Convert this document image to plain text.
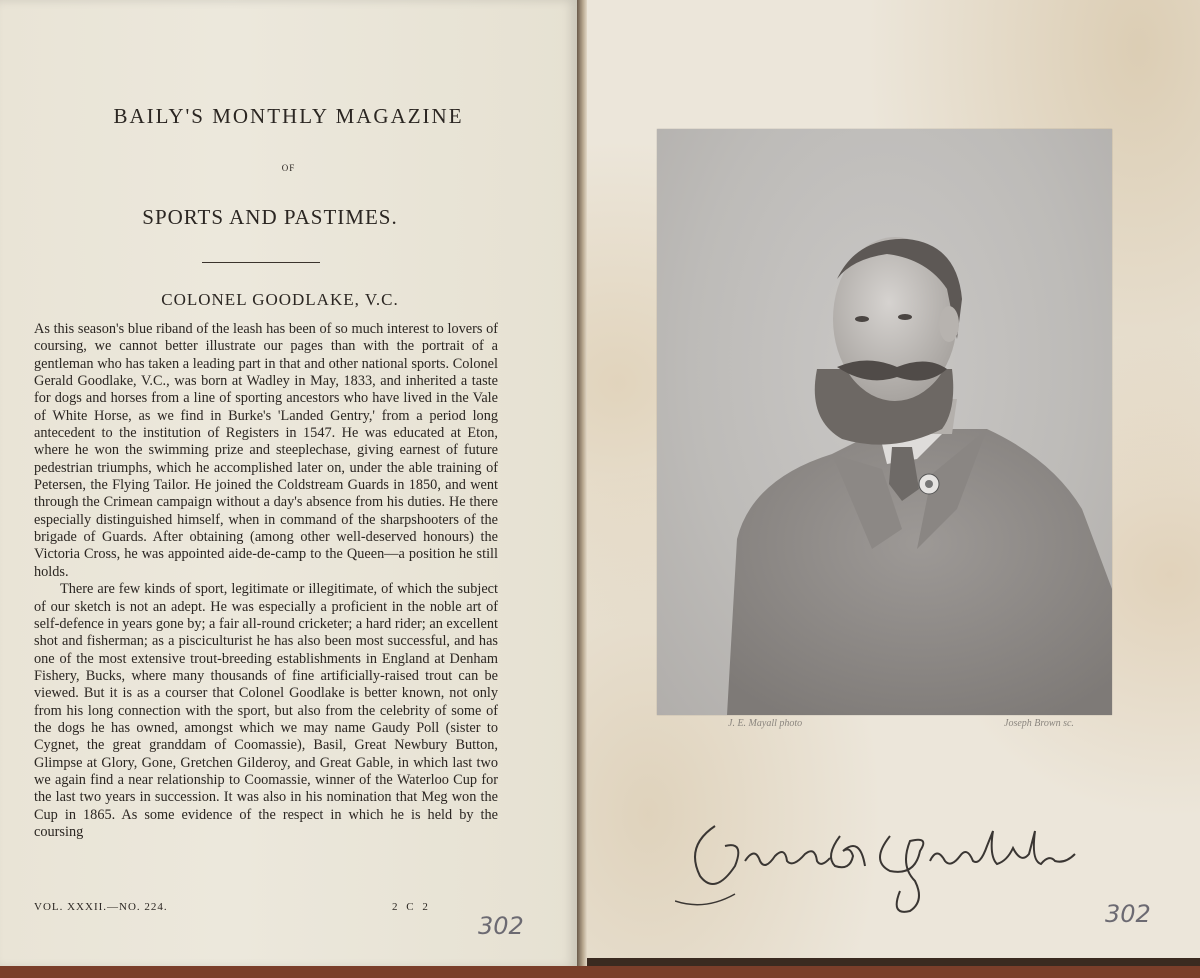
BAILY'S MONTHLY MAGAZINE
OF
SPORTS AND PASTIMES.
COLONEL GOODLAKE, V.C.

As this season's blue riband of the leash has been of so much interest to lovers of coursing, we cannot better illustrate our pages than with the portrait of a gentleman who has taken a leading part in that and other national sports. Colonel Gerald Goodlake, V.C., was born at Wadley in May, 1833, and inherited a taste for dogs and horses from a line of sporting ancestors who have lived in the Vale of White Horse, as we find in Burke's 'Landed Gentry,' from a period long antecedent to the institution of Registers in 1547. He was educated at Eton, where he won the swimming prize and steeplechase, giving earnest of future pedestrian triumphs, which he accomplished later on, under the able training of Petersen, the Flying Tailor. He joined the Coldstream Guards in 1850, and went through the Crimean campaign without a day's absence from his duties. He there especially distinguished himself, when in command of the sharpshooters of the brigade of Guards. After obtaining (among other well-deserved honours) the Victoria Cross, he was appointed aide-de-camp to the Queen—a position he still holds.

There are few kinds of sport, legitimate or illegitimate, of which the subject of our sketch is not an adept. He was especially a proficient in the noble art of self-defence in years gone by; a fair all-round cricketer; a hard rider; an excellent shot and fisherman; as a pisciculturist he has also been most successful, and has one of the most extensive trout-breeding establishments in England at Denham Fishery, Bucks, where many thousands of fine artificially-raised trout can be viewed. But it is as a courser that Colonel Goodlake is better known, not only from his long connection with the sport, but also from the celebrity of some of the dogs he has owned, amongst which we may name Gaudy Poll (sister to Cygnet, the great granddam of Coomassie), Basil, Great Newbury Button, Glimpse at Glory, Gone, Gretchen Gilderoy, and Great Gable, in which last two we again find a near relationship to Coomassie, winner of the Waterloo Cup for the last two years in succession. It was also in his nomination that Meg won the Cup in 1865. As some evidence of the respect in which he is held by the coursing

VOL. XXXII.—NO. 224.	2 C 2
302
J. E. Mayall photo	Joseph Brown sc.
302
